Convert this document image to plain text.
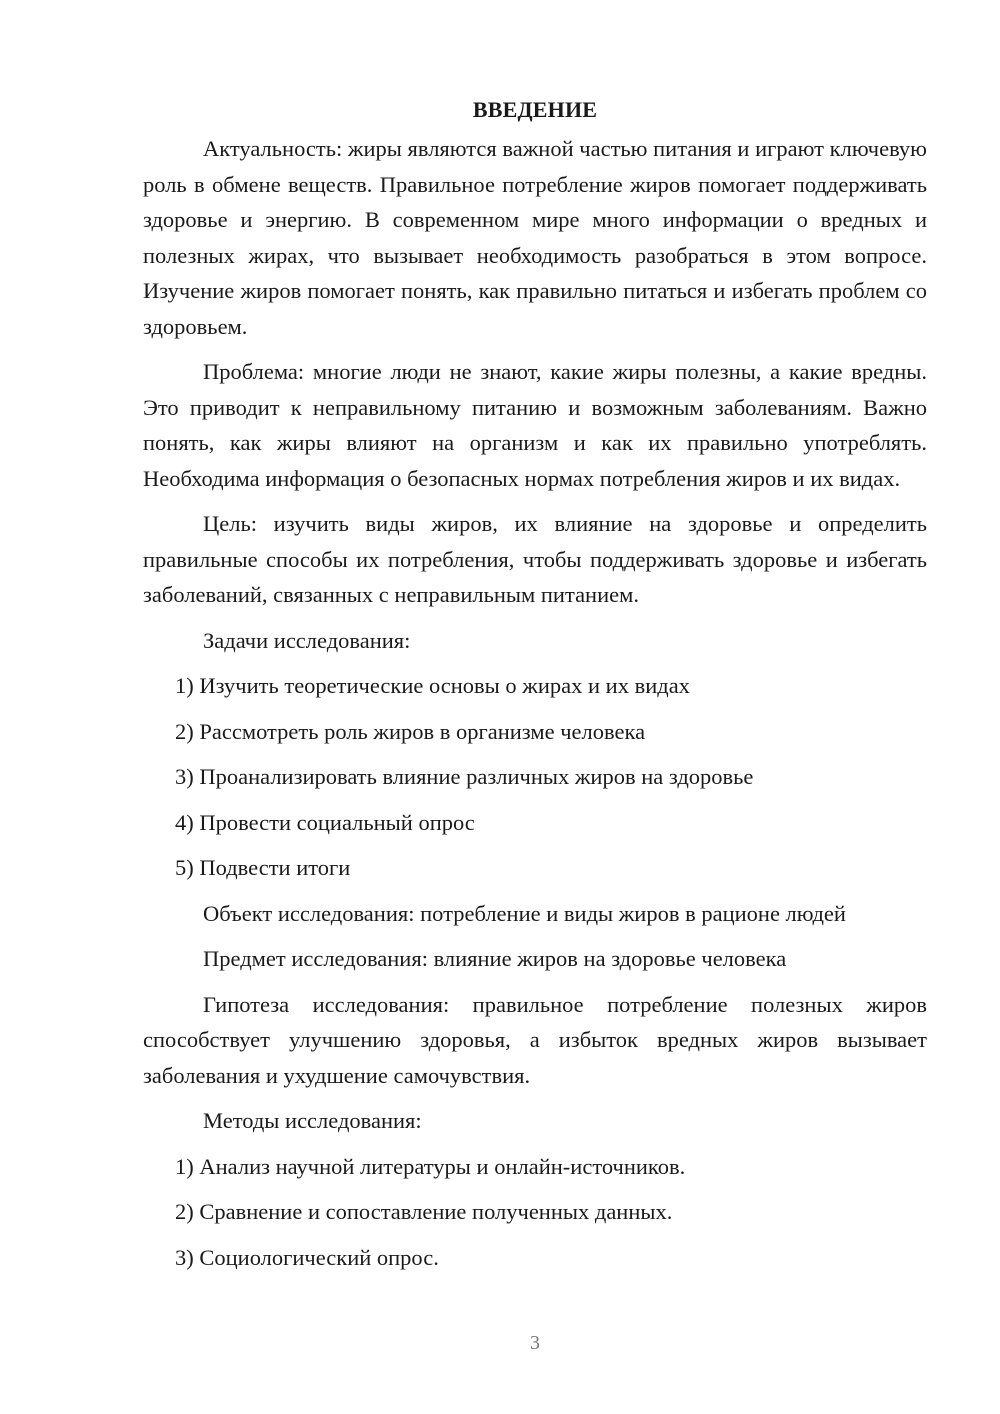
ВВЕДЕНИЕ

Актуальность: жиры являются важной частью питания и играют ключевую роль в обмене веществ. Правильное потребление жиров помогает поддерживать здоровье и энергию. В современном мире много информации о вредных и полезных жирах, что вызывает необходимость разобраться в этом вопросе. Изучение жиров помогает понять, как правильно питаться и избегать проблем со здоровьем.

Проблема: многие люди не знают, какие жиры полезны, а какие вредны. Это приводит к неправильному питанию и возможным заболеваниям. Важно понять, как жиры влияют на организм и как их правильно употреблять. Необходима информация о безопасных нормах потребления жиров и их видах.

Цель: изучить виды жиров, их влияние на здоровье и определить правильные способы их потребления, чтобы поддерживать здоровье и избегать заболеваний, связанных с неправильным питанием.

Задачи исследования:
1) Изучить теоретические основы о жирах и их видах
2) Рассмотреть роль жиров в организме человека
3) Проанализировать влияние различных жиров на здоровье
4) Провести социальный опрос
5) Подвести итоги
Объект исследования: потребление и виды жиров в рационе людей
Предмет исследования: влияние жиров на здоровье человека

Гипотеза исследования: правильное потребление полезных жиров способствует улучшению здоровья, а избыток вредных жиров вызывает заболевания и ухудшение самочувствия.

Методы исследования:
1) Анализ научной литературы и онлайн-источников.
2) Сравнение и сопоставление полученных данных.
3) Социологический опрос.
3
